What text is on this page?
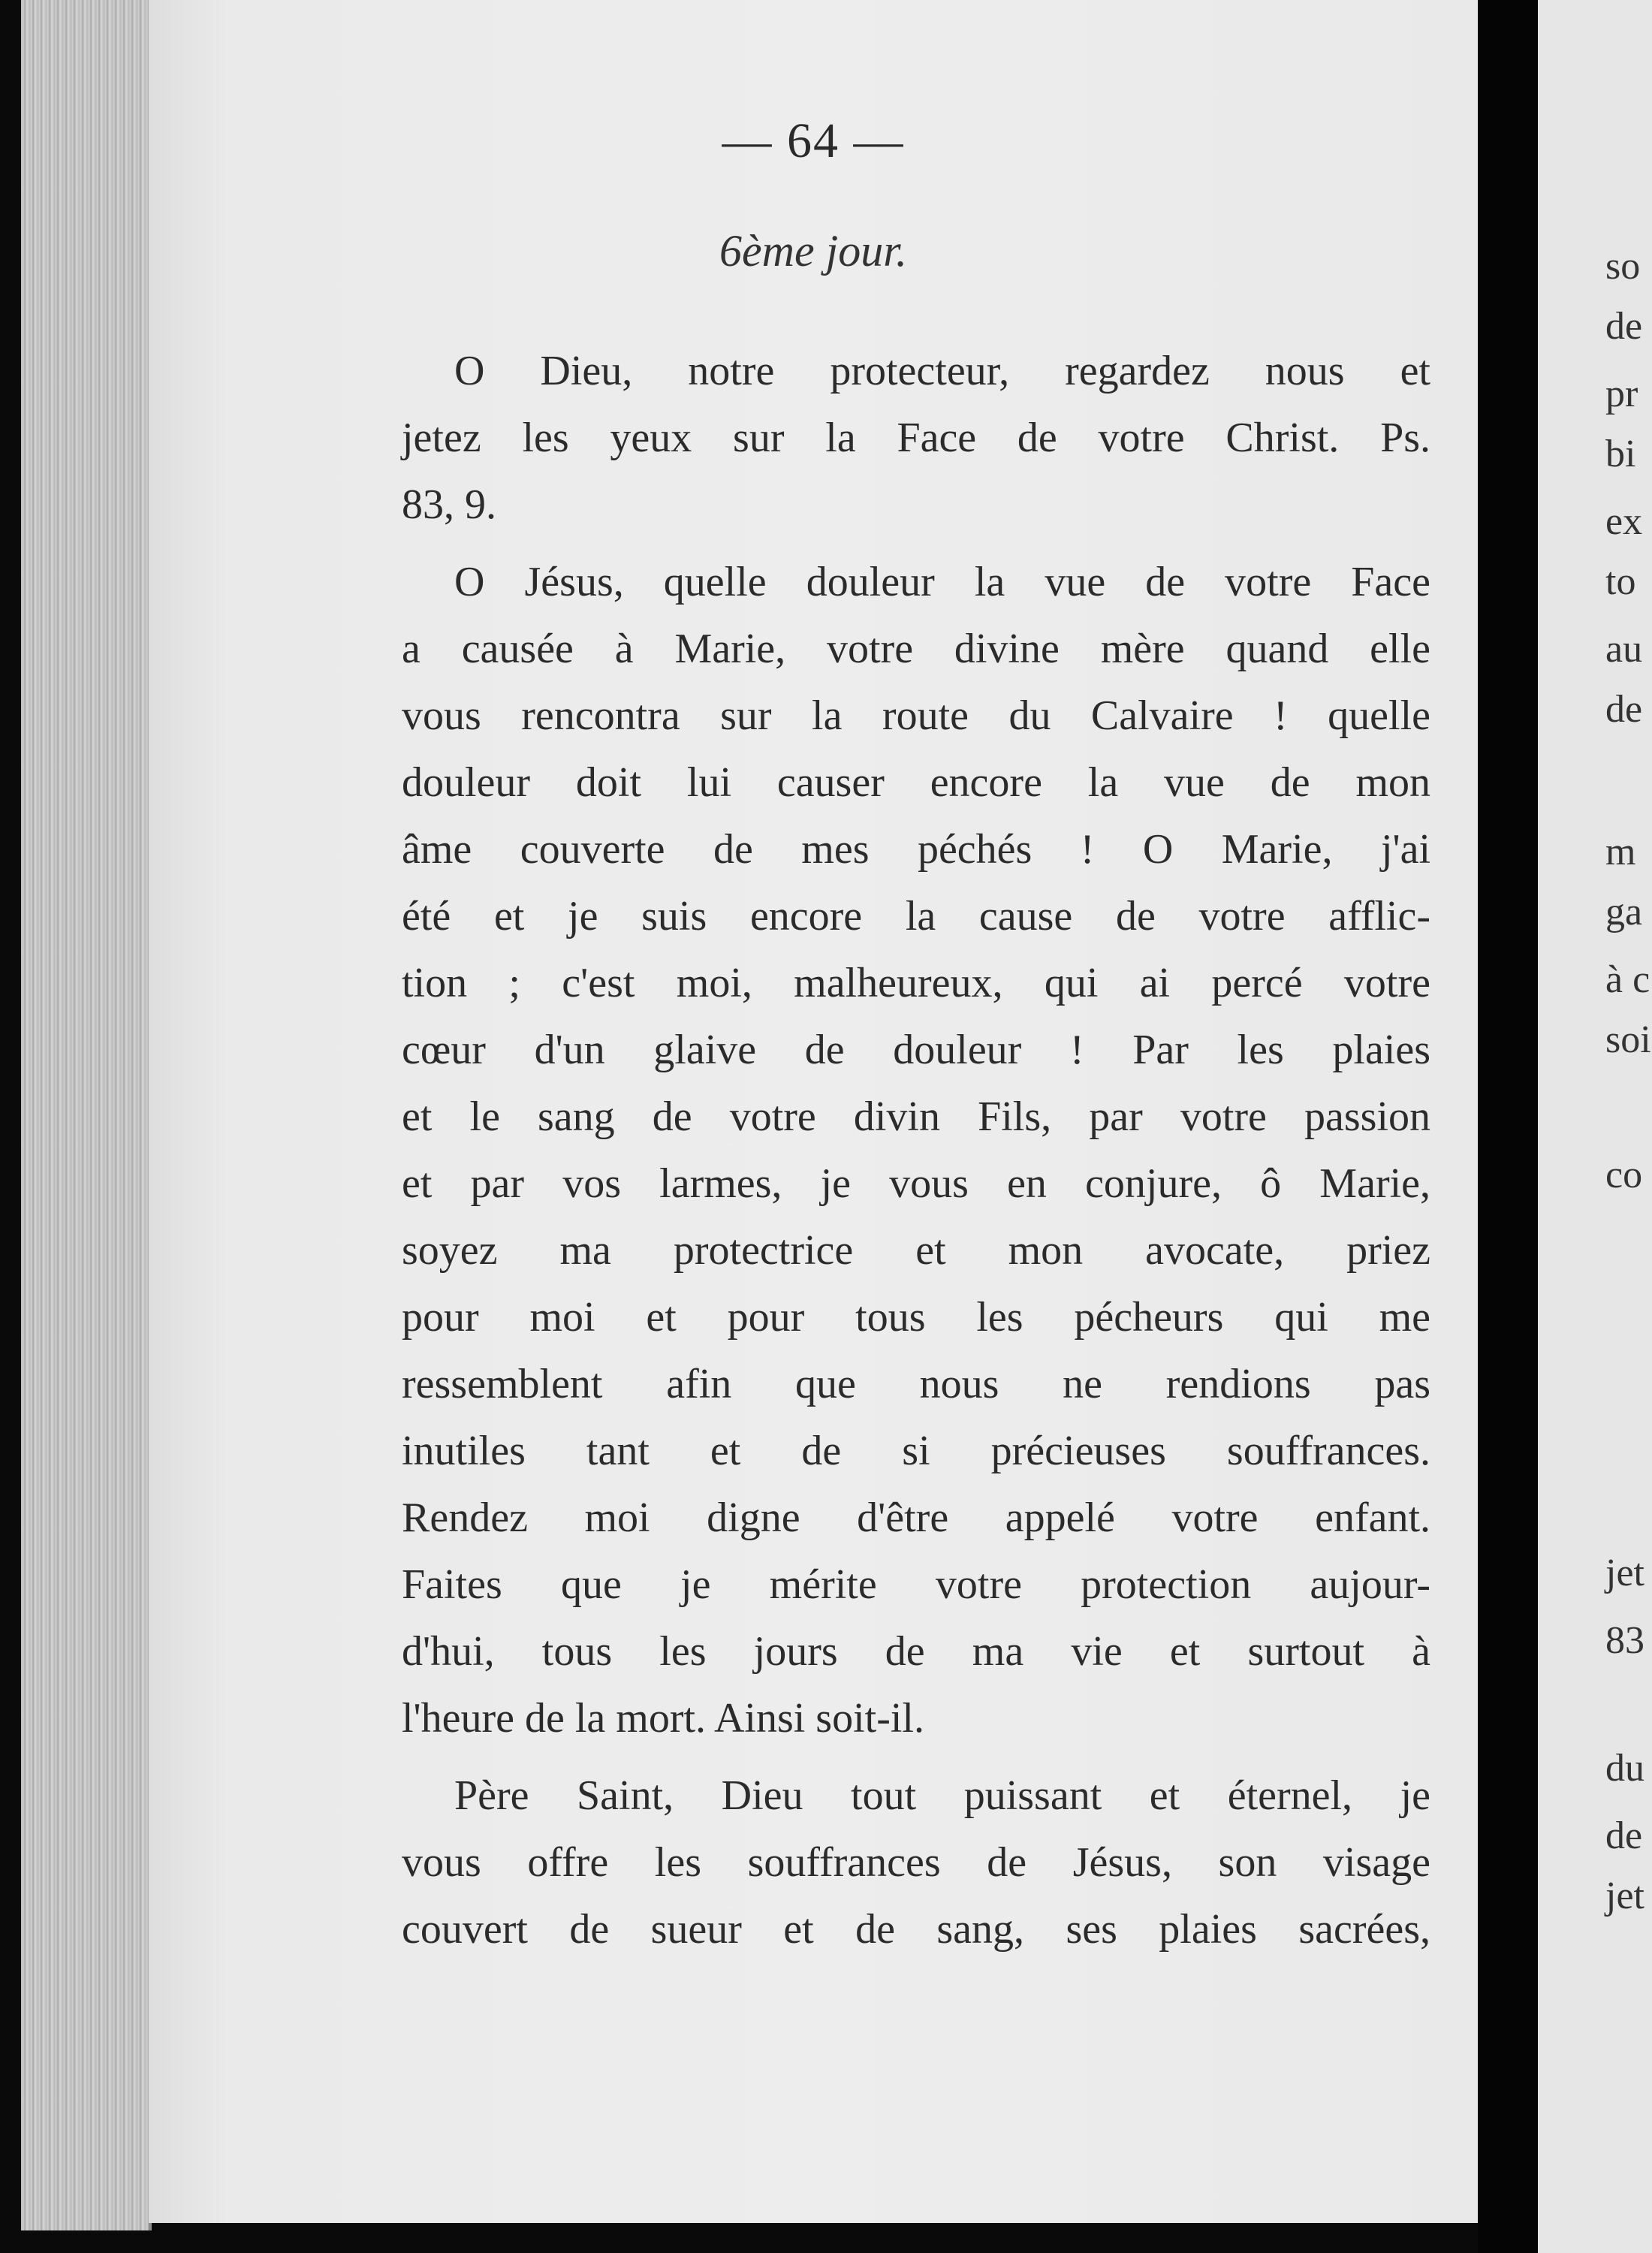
so
de
pr
bi
ex
to
au
de
m
ga
à c
soi
co
jet
83
du
de
jet
— 64 —
6ème jour.
O Dieu, notre protecteur, regardez nous et
jetez les yeux sur la Face de votre Christ. Ps.
83, 9.
O Jésus, quelle douleur la vue de votre Face
a causée à Marie, votre divine mère quand elle
vous rencontra sur la route du Calvaire ! quelle
douleur doit lui causer encore la vue de mon
âme couverte de mes péchés ! O Marie, j'ai
été et je suis encore la cause de votre afflic-
tion ; c'est moi, malheureux, qui ai percé votre
cœur d'un glaive de douleur ! Par les plaies
et le sang de votre divin Fils, par votre passion
et par vos larmes, je vous en conjure, ô Marie,
soyez ma protectrice et mon avocate, priez
pour moi et pour tous les pécheurs qui me
ressemblent afin que nous ne rendions pas
inutiles tant et de si précieuses souffrances.
Rendez moi digne d'être appelé votre enfant.
Faites que je mérite votre protection aujour-
d'hui, tous les jours de ma vie et surtout à
l'heure de la mort. Ainsi soit-il.
Père Saint, Dieu tout puissant et éternel, je
vous offre les souffrances de Jésus, son visage
couvert de sueur et de sang, ses plaies sacrées,
